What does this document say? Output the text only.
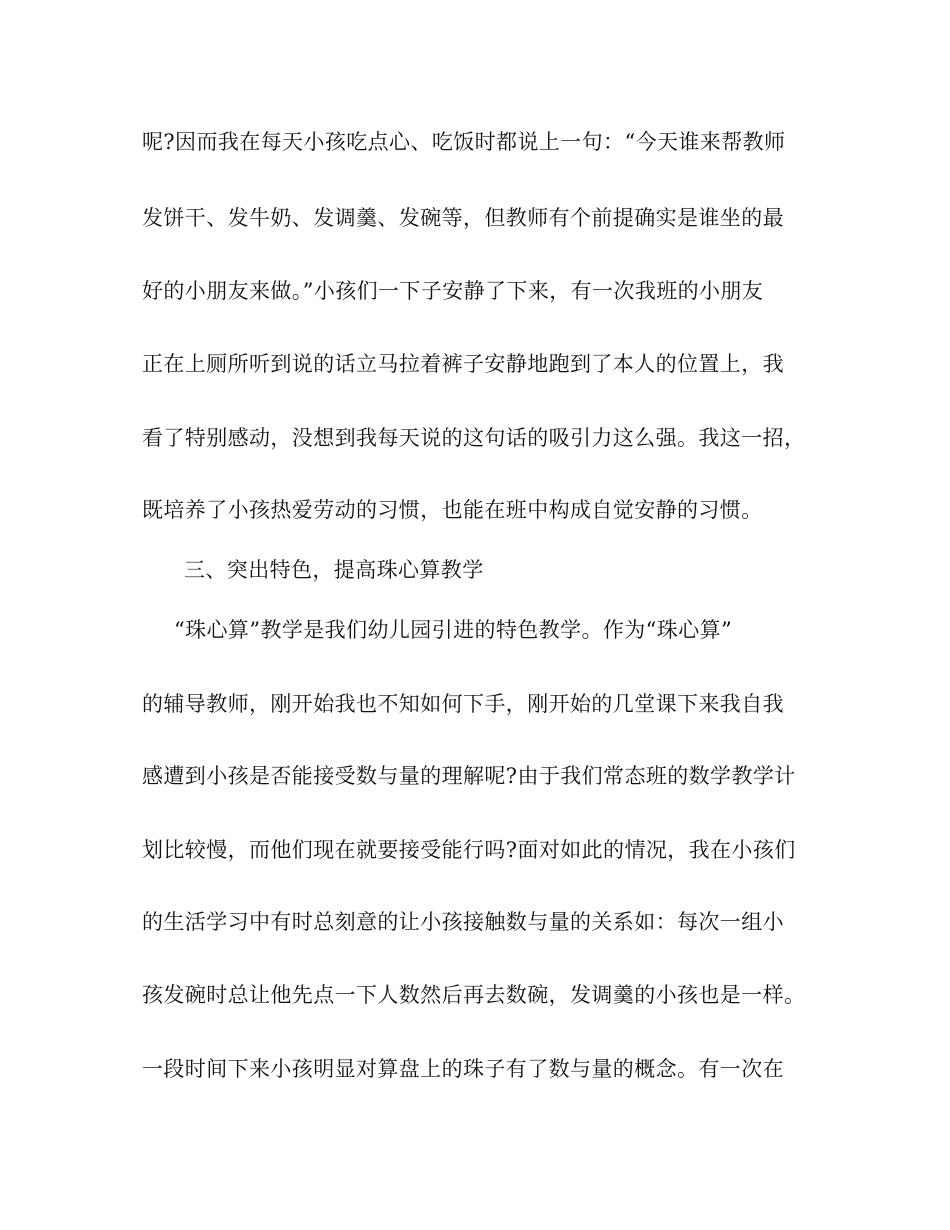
呢?因而我在每天小孩吃点心、吃饭时都说上一句：“今天谁来帮教师
发饼干、发牛奶、发调羹、发碗等，但教师有个前提确实是谁坐的最
好的小朋友来做。”小孩们一下子安静了下来，有一次我班的小朋友
正在上厕所听到说的话立马拉着裤子安静地跑到了本人的位置上，我
看了特别感动，没想到我每天说的这句话的吸引力这么强。我这一招，
既培养了小孩热爱劳动的习惯，也能在班中构成自觉安静的习惯。
三、突出特色，提高珠心算教学
“珠心算”教学是我们幼儿园引进的特色教学。作为“珠心算”
的辅导教师，刚开始我也不知如何下手，刚开始的几堂课下来我自我
感遭到小孩是否能接受数与量的理解呢?由于我们常态班的数学教学计
划比较慢，而他们现在就要接受能行吗?面对如此的情况，我在小孩们
的生活学习中有时总刻意的让小孩接触数与量的关系如：每次一组小
孩发碗时总让他先点一下人数然后再去数碗，发调羹的小孩也是一样。
一段时间下来小孩明显对算盘上的珠子有了数与量的概念。有一次在
